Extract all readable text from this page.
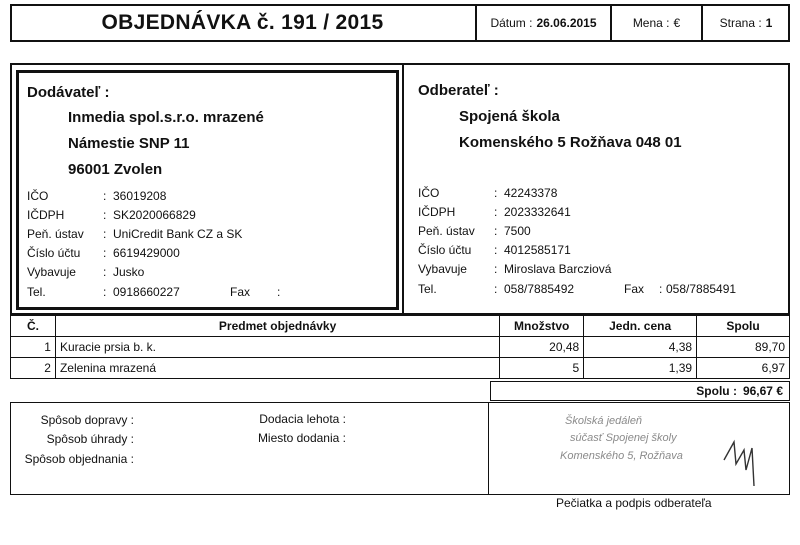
OBJEDNÁVKA č. 191 / 2015	Dátum : 26.06.2015	Mena : €	Strana : 1
Dodávateľ :
Inmedia spol.s.r.o. mrazené
Námestie SNP 11
96001 Zvolen
IČO	: 36019208
IČDPH	: SK2020066829
Peň. ústav : UniCredit Bank CZ a SK
Číslo účtu : 6619429000
Vybavuje : Jusko
Tel.	: 0918660227	Fax :
Odberateľ :
Spojená škola
Komenského 5 Rožňava 048 01
IČO	: 42243378
IČDPH	: 2023332641
Peň. ústav : 7500
Číslo účtu : 4012585171
Vybavuje : Miroslava Barcziová
Tel.	: 058/7885492	Fax : 058/7885491
Č.	Predmet objednávky	Množstvo	Jedn. cena	Spolu
1	Kuracie prsia b. k.	20,48	4,38	89,70
2	Zelenina mrazená	5	1,39	6,97
Spolu : 96,67 €
Spôsob dopravy :
Spôsob úhrady :
Spôsob objednania :
Dodacia lehota :
Miesto dodania :
Školská jedáleň
súčasť Spojenej školy
Komenského 5, Rožňava
Pečiatka a podpis odberateľa
